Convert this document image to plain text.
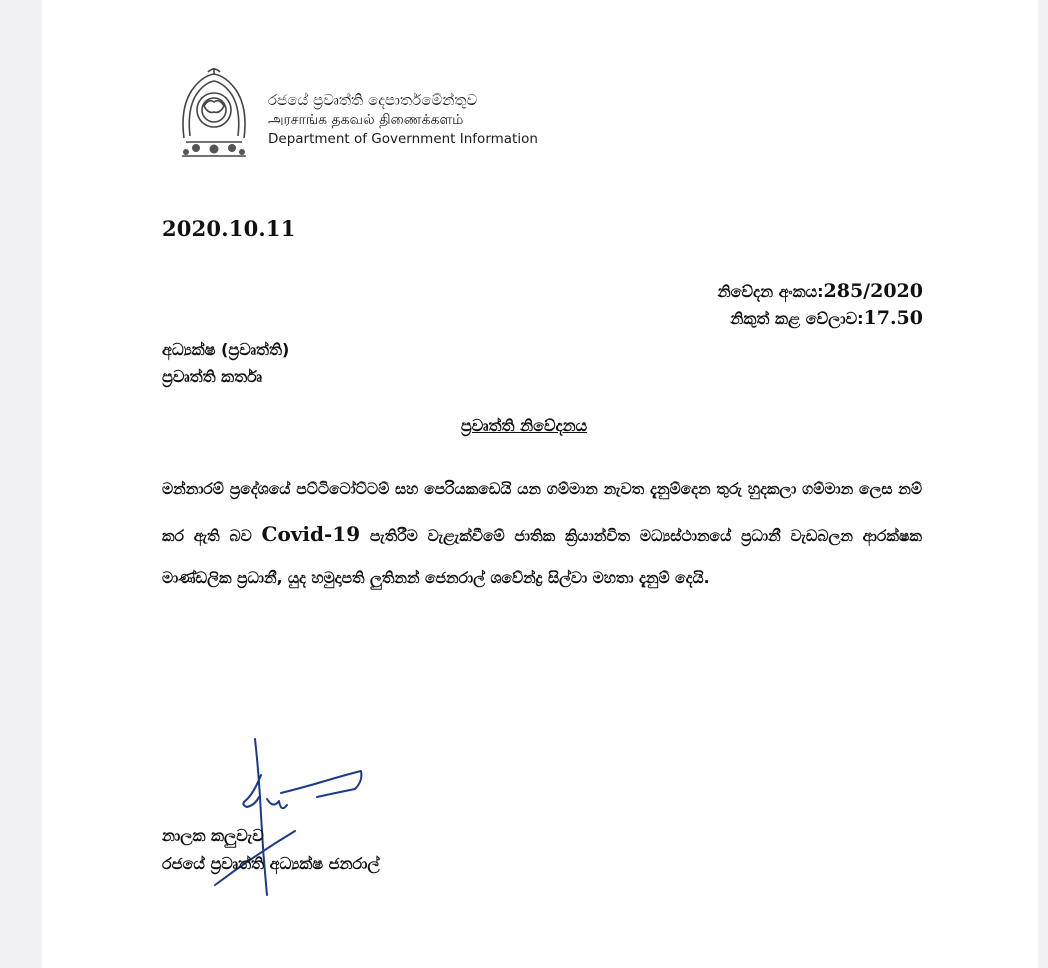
රජයේ ප්‍රවෘත්ති දෙපාර්තමේන්තුව
அரசாங்க தகவல் திணைக்களம்
Department of Government Information
2020.10.11
නිවේදන අංකය:285/2020
නිකුත් කළ වේලාව:17.50
අධ්‍යක්ෂ (ප්‍රවෘත්ති)
ප්‍රවෘත්ති කර්තෘ
ප්‍රවෘත්ති නිවේදනය
මන්නාරම් ප්‍රදේශයේ පට්ටිටෝට්ටම් සහ පෙරියකඩෙයි යන ගම්මාන නැවත දැනුම්දෙන තුරු හුදකලා ගම්මාන ලෙස නම් කර ඇති බව Covid-19 පැතිරීම වැළැක්වීමේ ජාතික ක්‍රියාන්විත මධ්‍යස්ථානයේ ප්‍රධානී වැඩබලන ආරක්ෂක මාණ්ඩලික ප්‍රධානී, යුද හමුදාපති ලුතිනන් ජෙනරාල් ශවේන්ද්‍ර සිල්වා මහතා දැනුම් දෙයි.
නාලක කලුවැව
රජයේ ප්‍රවෘත්ති අධ්‍යක්ෂ ජනරාල්
